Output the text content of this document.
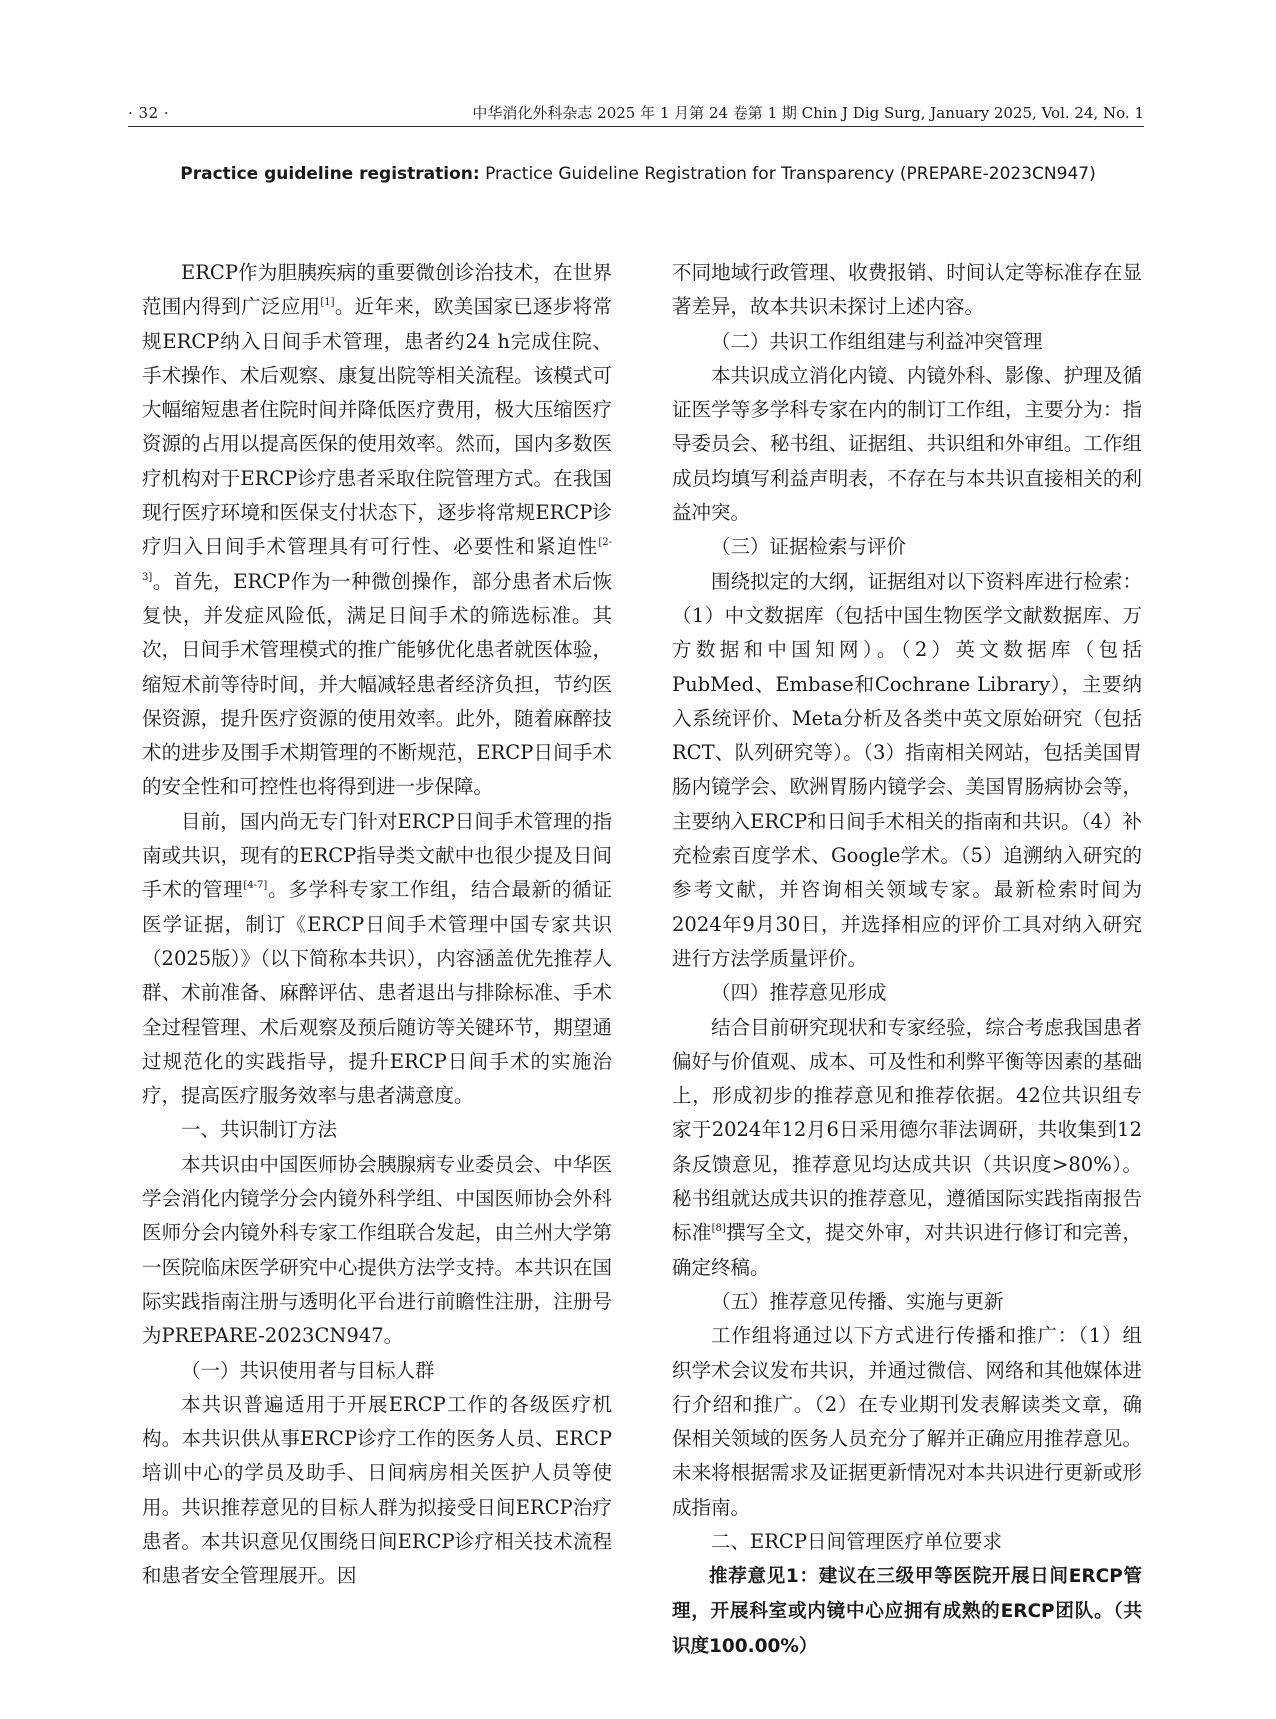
· 32 ·	中华消化外科杂志 2025 年 1 月第 24 卷第 1 期 Chin J Dig Surg, January 2025, Vol. 24, No. 1
Practice guideline registration: Practice Guideline Registration for Transparency (PREPARE-2023CN947)

ERCP作为胆胰疾病的重要微创诊治技术，在世界范围内得到广泛应用[1]。近年来，欧美国家已逐步将常规ERCP纳入日间手术管理，患者约24 h完成住院、手术操作、术后观察、康复出院等相关流程。该模式可大幅缩短患者住院时间并降低医疗费用，极大压缩医疗资源的占用以提高医保的使用效率。然而，国内多数医疗机构对于ERCP诊疗患者采取住院管理方式。在我国现行医疗环境和医保支付状态下，逐步将常规ERCP诊疗归入日间手术管理具有可行性、必要性和紧迫性[2-3]。首先，ERCP作为一种微创操作，部分患者术后恢复快，并发症风险低，满足日间手术的筛选标准。其次，日间手术管理模式的推广能够优化患者就医体验，缩短术前等待时间，并大幅减轻患者经济负担，节约医保资源，提升医疗资源的使用效率。此外，随着麻醉技术的进步及围手术期管理的不断规范，ERCP日间手术的安全性和可控性也将得到进一步保障。

目前，国内尚无专门针对ERCP日间手术管理的指南或共识，现有的ERCP指导类文献中也很少提及日间手术的管理[4-7]。多学科专家工作组，结合最新的循证医学证据，制订《ERCP日间手术管理中国专家共识（2025版）》（以下简称本共识），内容涵盖优先推荐人群、术前准备、麻醉评估、患者退出与排除标准、手术全过程管理、术后观察及预后随访等关键环节，期望通过规范化的实践指导，提升ERCP日间手术的实施治疗，提高医疗服务效率与患者满意度。

一、共识制订方法

本共识由中国医师协会胰腺病专业委员会、中华医学会消化内镜学分会内镜外科学组、中国医师协会外科医师分会内镜外科专家工作组联合发起，由兰州大学第一医院临床医学研究中心提供方法学支持。本共识在国际实践指南注册与透明化平台进行前瞻性注册，注册号为PREPARE-2023CN947。

（一）共识使用者与目标人群

本共识普遍适用于开展ERCP工作的各级医疗机构。本共识供从事ERCP诊疗工作的医务人员、ERCP培训中心的学员及助手、日间病房相关医护人员等使用。共识推荐意见的目标人群为拟接受日间ERCP治疗患者。本共识意见仅围绕日间ERCP诊疗相关技术流程和患者安全管理展开。因

不同地域行政管理、收费报销、时间认定等标准存在显著差异，故本共识未探讨上述内容。

（二）共识工作组组建与利益冲突管理

本共识成立消化内镜、内镜外科、影像、护理及循证医学等多学科专家在内的制订工作组，主要分为：指导委员会、秘书组、证据组、共识组和外审组。工作组成员均填写利益声明表，不存在与本共识直接相关的利益冲突。

（三）证据检索与评价

围绕拟定的大纲，证据组对以下资料库进行检索：（1）中文数据库（包括中国生物医学文献数据库、万方数据和中国知网）。（2）英文数据库（包括PubMed、Embase和Cochrane Library），主要纳入系统评价、Meta分析及各类中英文原始研究（包括RCT、队列研究等）。（3）指南相关网站，包括美国胃肠内镜学会、欧洲胃肠内镜学会、美国胃肠病协会等，主要纳入ERCP和日间手术相关的指南和共识。（4）补充检索百度学术、Google学术。（5）追溯纳入研究的参考文献，并咨询相关领域专家。最新检索时间为2024年9月30日，并选择相应的评价工具对纳入研究进行方法学质量评价。

（四）推荐意见形成

结合目前研究现状和专家经验，综合考虑我国患者偏好与价值观、成本、可及性和利弊平衡等因素的基础上，形成初步的推荐意见和推荐依据。42位共识组专家于2024年12月6日采用德尔菲法调研，共收集到12条反馈意见，推荐意见均达成共识（共识度>80%）。秘书组就达成共识的推荐意见，遵循国际实践指南报告标准[8]撰写全文，提交外审，对共识进行修订和完善，确定终稿。

（五）推荐意见传播、实施与更新

工作组将通过以下方式进行传播和推广：（1）组织学术会议发布共识，并通过微信、网络和其他媒体进行介绍和推广。（2）在专业期刊发表解读类文章，确保相关领域的医务人员充分了解并正确应用推荐意见。未来将根据需求及证据更新情况对本共识进行更新或形成指南。

二、ERCP日间管理医疗单位要求

推荐意见1：建议在三级甲等医院开展日间ERCP管理，开展科室或内镜中心应拥有成熟的ERCP团队。（共识度100.00%）
